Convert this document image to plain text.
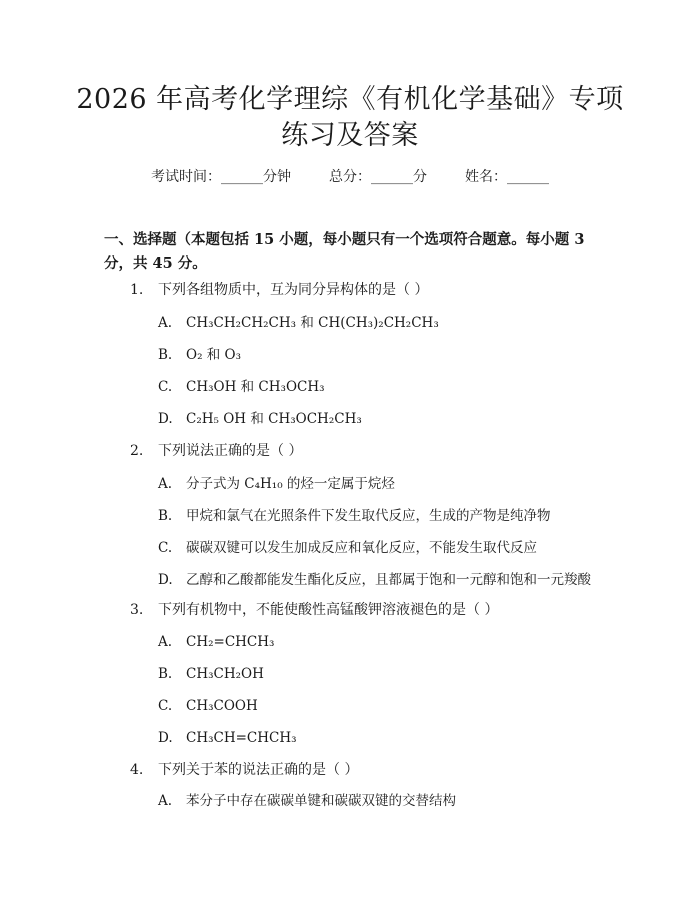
2026 年高考化学理综《有机化学基础》专项
练习及答案
考试时间：______分钟	总分：______分	姓名：______
一、选择题（本题包括 15 小题，每小题只有一个选项符合题意。每小题 3 分，共 45 分。
1. 下列各组物质中，互为同分异构体的是（ ）
A. CH₃CH₂CH₂CH₃ 和 CH(CH₃)₂CH₂CH₃
B. O₂ 和 O₃
C. CH₃OH 和 CH₃OCH₃
D. C₂H₅ OH 和 CH₃OCH₂CH₃
2. 下列说法正确的是（ ）
A. 分子式为 C₄H₁₀ 的烃一定属于烷烃
B. 甲烷和氯气在光照条件下发生取代反应，生成的产物是纯净物
C. 碳碳双键可以发生加成反应和氧化反应，不能发生取代反应
D. 乙醇和乙酸都能发生酯化反应，且都属于饱和一元醇和饱和一元羧酸
3. 下列有机物中，不能使酸性高锰酸钾溶液褪色的是（ ）
A. CH₂=CHCH₃
B. CH₃CH₂OH
C. CH₃COOH
D. CH₃CH=CHCH₃
4. 下列关于苯的说法正确的是（ ）
A. 苯分子中存在碳碳单键和碳碳双键的交替结构
